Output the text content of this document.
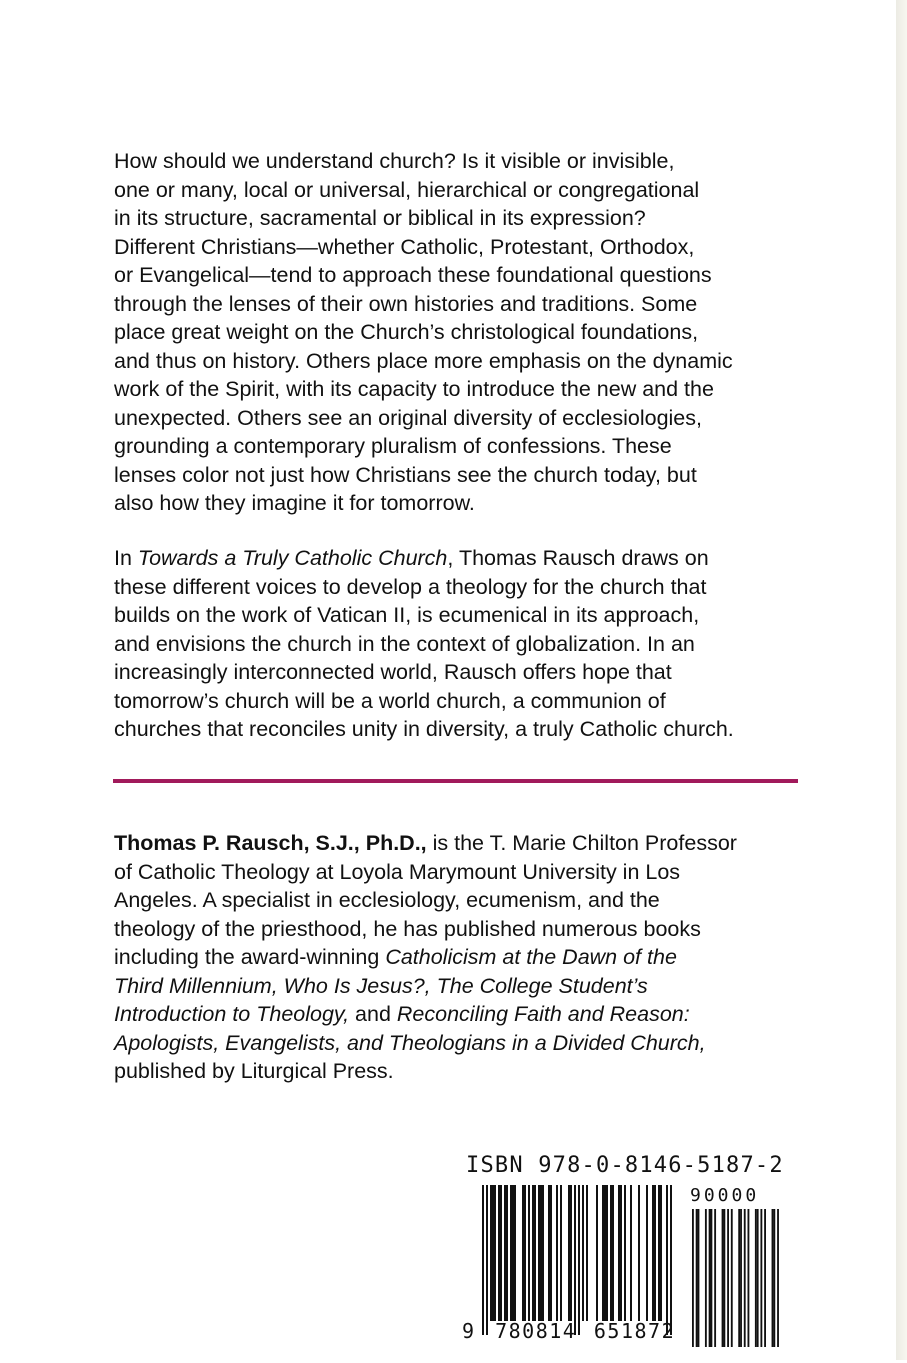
How should we understand church? Is it visible or invisible,
one or many, local or universal, hierarchical or congregational
in its structure, sacramental or biblical in its expression?
Different Christians—whether Catholic, Protestant, Orthodox,
or Evangelical—tend to approach these foundational questions
through the lenses of their own histories and traditions. Some
place great weight on the Church’s christological foundations,
and thus on history. Others place more emphasis on the dynamic
work of the Spirit, with its capacity to introduce the new and the
unexpected. Others see an original diversity of ecclesiologies,
grounding a contemporary pluralism of confessions. These
lenses color not just how Christians see the church today, but
also how they imagine it for tomorrow.
In Towards a Truly Catholic Church, Thomas Rausch draws on
these different voices to develop a theology for the church that
builds on the work of Vatican II, is ecumenical in its approach,
and envisions the church in the context of globalization. In an
increasingly interconnected world, Rausch offers hope that
tomorrow’s church will be a world church, a communion of
churches that reconciles unity in diversity, a truly Catholic church.
Thomas P. Rausch, S.J., Ph.D., is the T. Marie Chilton Professor
of Catholic Theology at Loyola Marymount University in Los
Angeles. A specialist in ecclesiology, ecumenism, and the
theology of the priesthood, he has published numerous books
including the award-winning Catholicism at the Dawn of the
Third Millennium, Who Is Jesus?, The College Student’s
Introduction to Theology, and Reconciling Faith and Reason:
Apologists, Evangelists, and Theologians in a Divided Church,
published by Liturgical Press.
ISBN 978-0-8146-5187-2
90000
9 780814 651872
